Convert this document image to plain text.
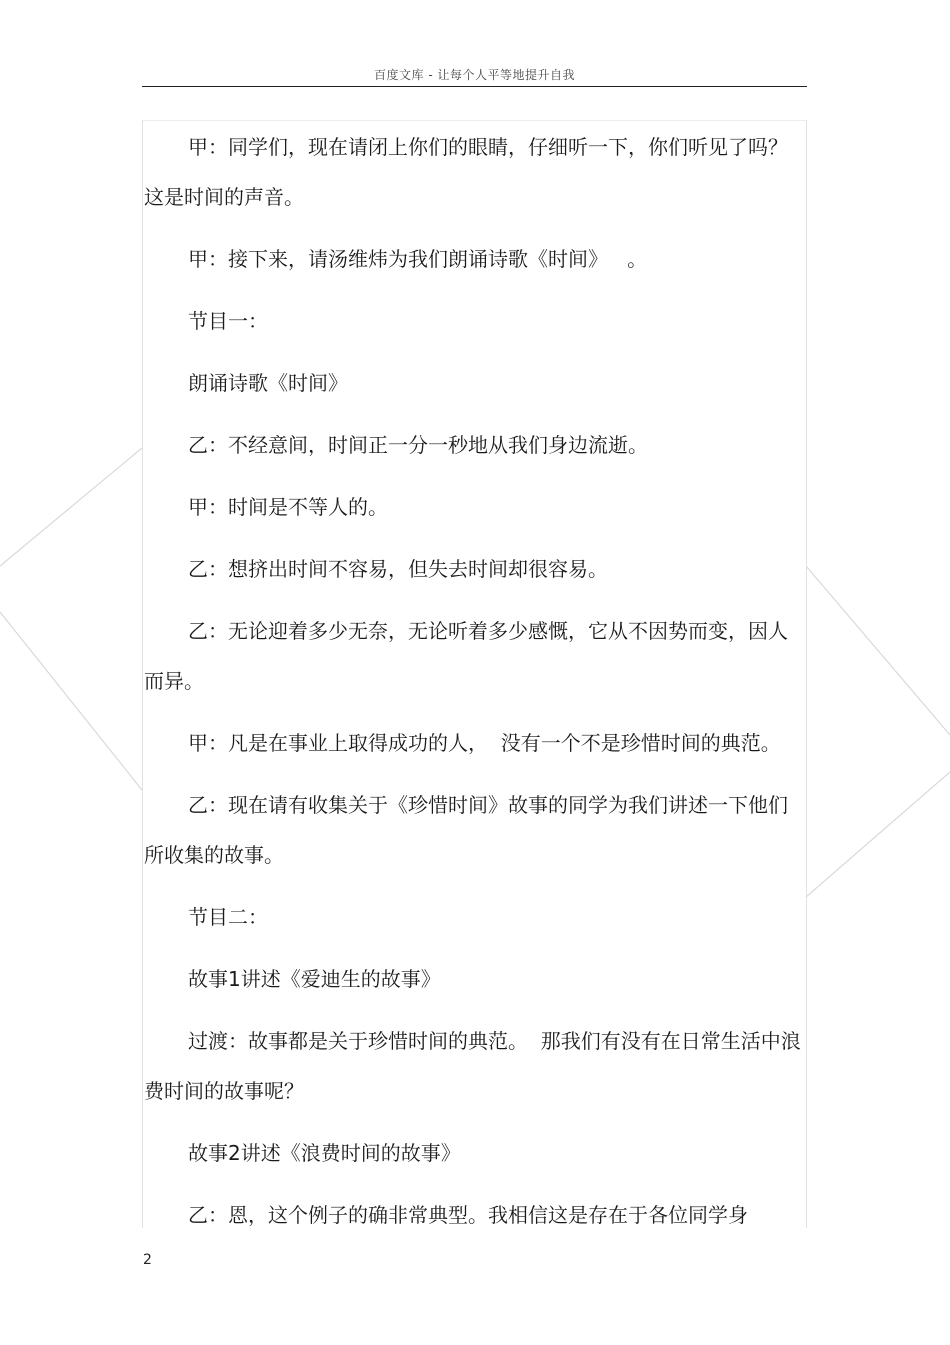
百度文库 - 让每个人平等地提升自我

甲：同学们，现在请闭上你们的眼睛，仔细听一下，你们听见了吗？这是时间的声音。

甲：接下来，请汤维炜为我们朗诵诗歌《时间》   。

节目一：

朗诵诗歌《时间》

乙：不经意间，时间正一分一秒地从我们身边流逝。

甲：时间是不等人的。

乙：想挤出时间不容易，但失去时间却很容易。

乙：无论迎着多少无奈，无论听着多少感慨，它从不因势而变，因人而异。

甲：凡是在事业上取得成功的人，  没有一个不是珍惜时间的典范。

乙：现在请有收集关于《珍惜时间》故事的同学为我们讲述一下他们所收集的故事。

节目二：

故事1讲述《爱迪生的故事》

过渡：故事都是关于珍惜时间的典范。  那我们有没有在日常生活中浪费时间的故事呢？

故事2讲述《浪费时间的故事》

乙：恩，这个例子的确非常典型。我相信这是存在于各位同学身

2
